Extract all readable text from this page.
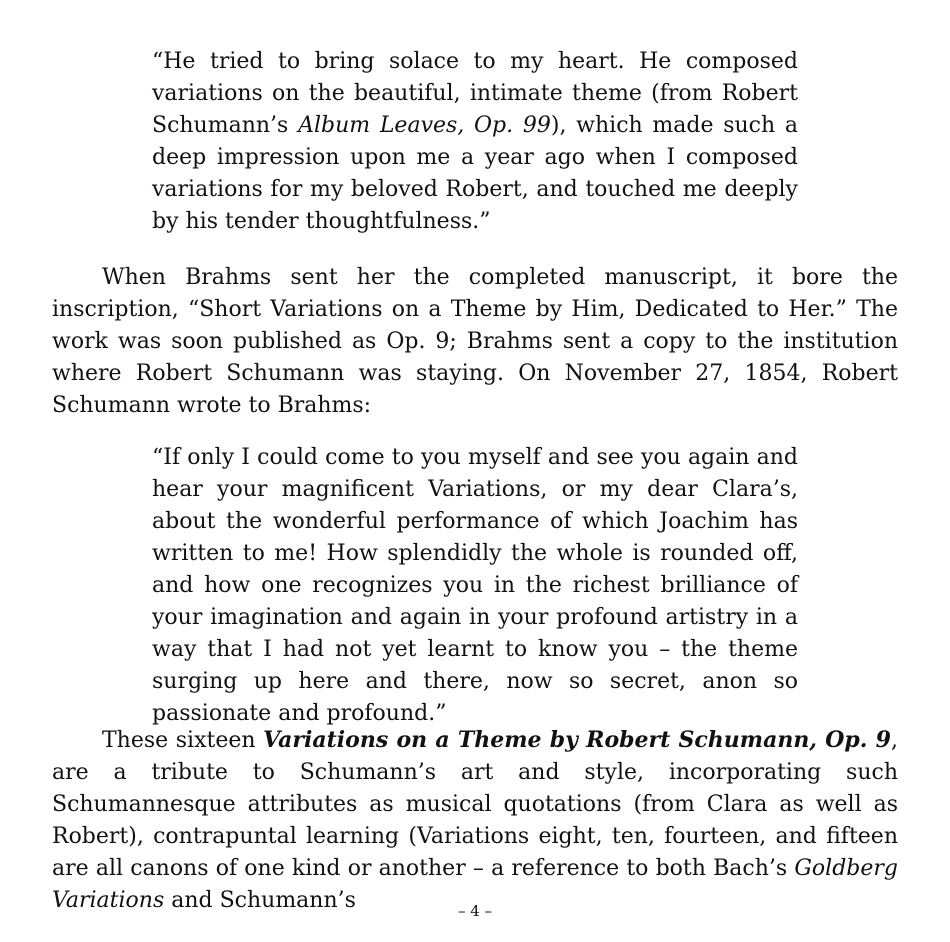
“He tried to bring solace to my heart. He composed variations on the beautiful, intimate theme (from Robert Schumann’s Album Leaves, Op. 99), which made such a deep impression upon me a year ago when I composed variations for my beloved Robert, and touched me deeply by his tender thoughtfulness.”

When Brahms sent her the completed manuscript, it bore the inscription, “Short Variations on a Theme by Him, Dedicated to Her.” The work was soon published as Op. 9; Brahms sent a copy to the institution where Robert Schumann was staying. On November 27, 1854, Robert Schumann wrote to Brahms:

“If only I could come to you myself and see you again and hear your magnificent Variations, or my dear Clara’s, about the wonderful performance of which Joachim has written to me! How splendidly the whole is rounded off, and how one recognizes you in the richest brilliance of your imagination and again in your profound artistry in a way that I had not yet learnt to know you – the theme surging up here and there, now so secret, anon so passionate and profound.”

These sixteen Variations on a Theme by Robert Schumann, Op. 9, are a tribute to Schumann’s art and style, incorporating such Schumannesque attributes as musical quotations (from Clara as well as Robert), contrapuntal learning (Variations eight, ten, fourteen, and fifteen are all canons of one kind or another – a reference to both Bach’s Goldberg Variations and Schumann’s	– 4 –
